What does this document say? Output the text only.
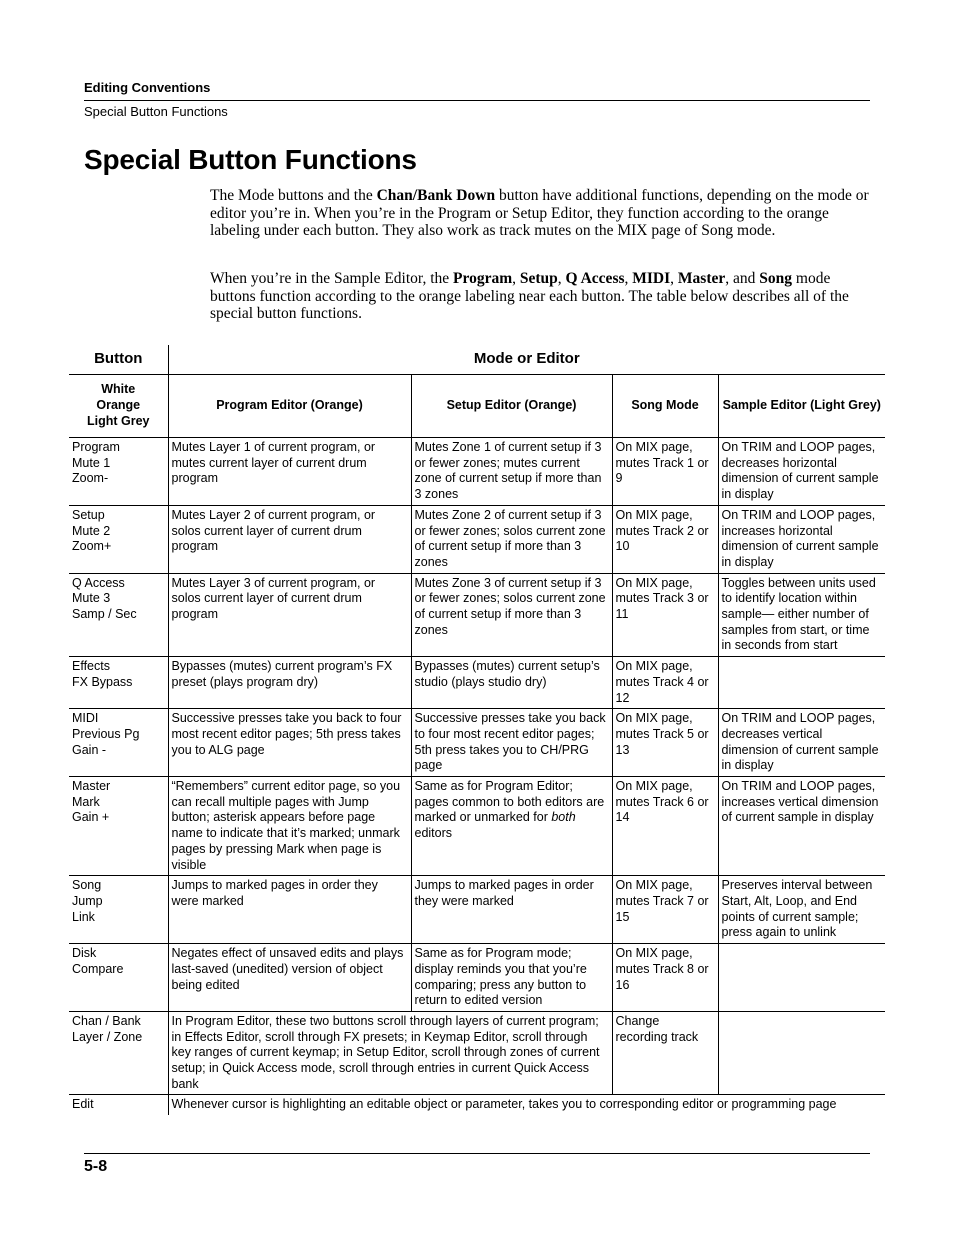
Editing Conventions
Special Button Functions
Special Button Functions

The Mode buttons and the Chan/Bank Down button have additional functions, depending on the mode or editor you’re in. When you’re in the Program or Setup Editor, they function according to the orange labeling under each button. They also work as track mutes on the MIX page of Song mode.

When you’re in the Sample Editor, the Program, Setup, Q Access, MIDI, Master, and Song mode buttons function according to the orange labeling near each button. The table below describes all of the special button functions.

Button	Mode or Editor			

White
Orange
Light Grey	Program Editor (Orange)	Setup Editor (Orange)	Song Mode	Sample Editor (Light Grey)

Program
Mute 1
Zoom-	Mutes Layer 1 of current program, or mutes current layer of current drum program	Mutes Zone 1 of current setup if 3 or fewer zones; mutes current zone of current setup if more than 3 zones	On MIX page, mutes Track 1 or 9	On TRIM and LOOP pages, decreases horizontal dimension of current sample in display

Setup
Mute 2
Zoom+	Mutes Layer 2 of current program, or solos current layer of current drum program	Mutes Zone 2 of current setup if 3 or fewer zones; solos current zone of current setup if more than 3 zones	On MIX page, mutes Track 2 or 10	On TRIM and LOOP pages, increases horizontal dimension of current sample in display

Q Access
Mute 3
Samp / Sec	Mutes Layer 3 of current program, or solos current layer of current drum program	Mutes Zone 3 of current setup if 3 or fewer zones; solos current zone of current setup if more than 3 zones	On MIX page, mutes Track 3 or 11	Toggles between units used to identify location within sample— either number of samples from start, or time in seconds from start

Effects
FX Bypass	Bypasses (mutes) current program’s FX preset (plays program dry)	Bypasses (mutes) current setup’s studio (plays studio dry)	On MIX page, mutes Track 4 or 12	

MIDI
Previous Pg
Gain -	Successive presses take you back to four most recent editor pages; 5th press takes you to ALG page	Successive presses take you back to four most recent editor pages; 5th press takes you to CH/PRG page	On MIX page, mutes Track 5 or 13	On TRIM and LOOP pages, decreases vertical dimension of current sample in display

Master
Mark
Gain +	“Remembers” current editor page, so you can recall multiple pages with Jump button; asterisk appears before page name to indicate that it’s marked; unmark pages by pressing Mark when page is visible	Same as for Program Editor; pages common to both editors are marked or unmarked for both editors	On MIX page, mutes Track 6 or 14	On TRIM and LOOP pages, increases vertical dimension of current sample in display

Song
Jump
Link	Jumps to marked pages in order they were marked	Jumps to marked pages in order they were marked	On MIX page, mutes Track 7 or 15	Preserves interval between Start, Alt, Loop, and End points of current sample; press again to unlink

Disk
Compare	Negates effect of unsaved edits and plays last-saved (unedited) version of object being edited	Same as for Program mode; display reminds you that you’re comparing; press any button to return to edited version	On MIX page, mutes Track 8 or 16	

Chan / Bank
Layer / Zone	In Program Editor, these two buttons scroll through layers of current program; in Effects Editor, scroll through FX presets; in Keymap Editor, scroll through key ranges of current keymap; in Setup Editor, scroll through zones of current setup; in Quick Access mode, scroll through entries in current Quick Access bank		Change recording track	

Edit	Whenever cursor is highlighting an editable object or parameter, takes you to corresponding editor or programming page			
5-8
